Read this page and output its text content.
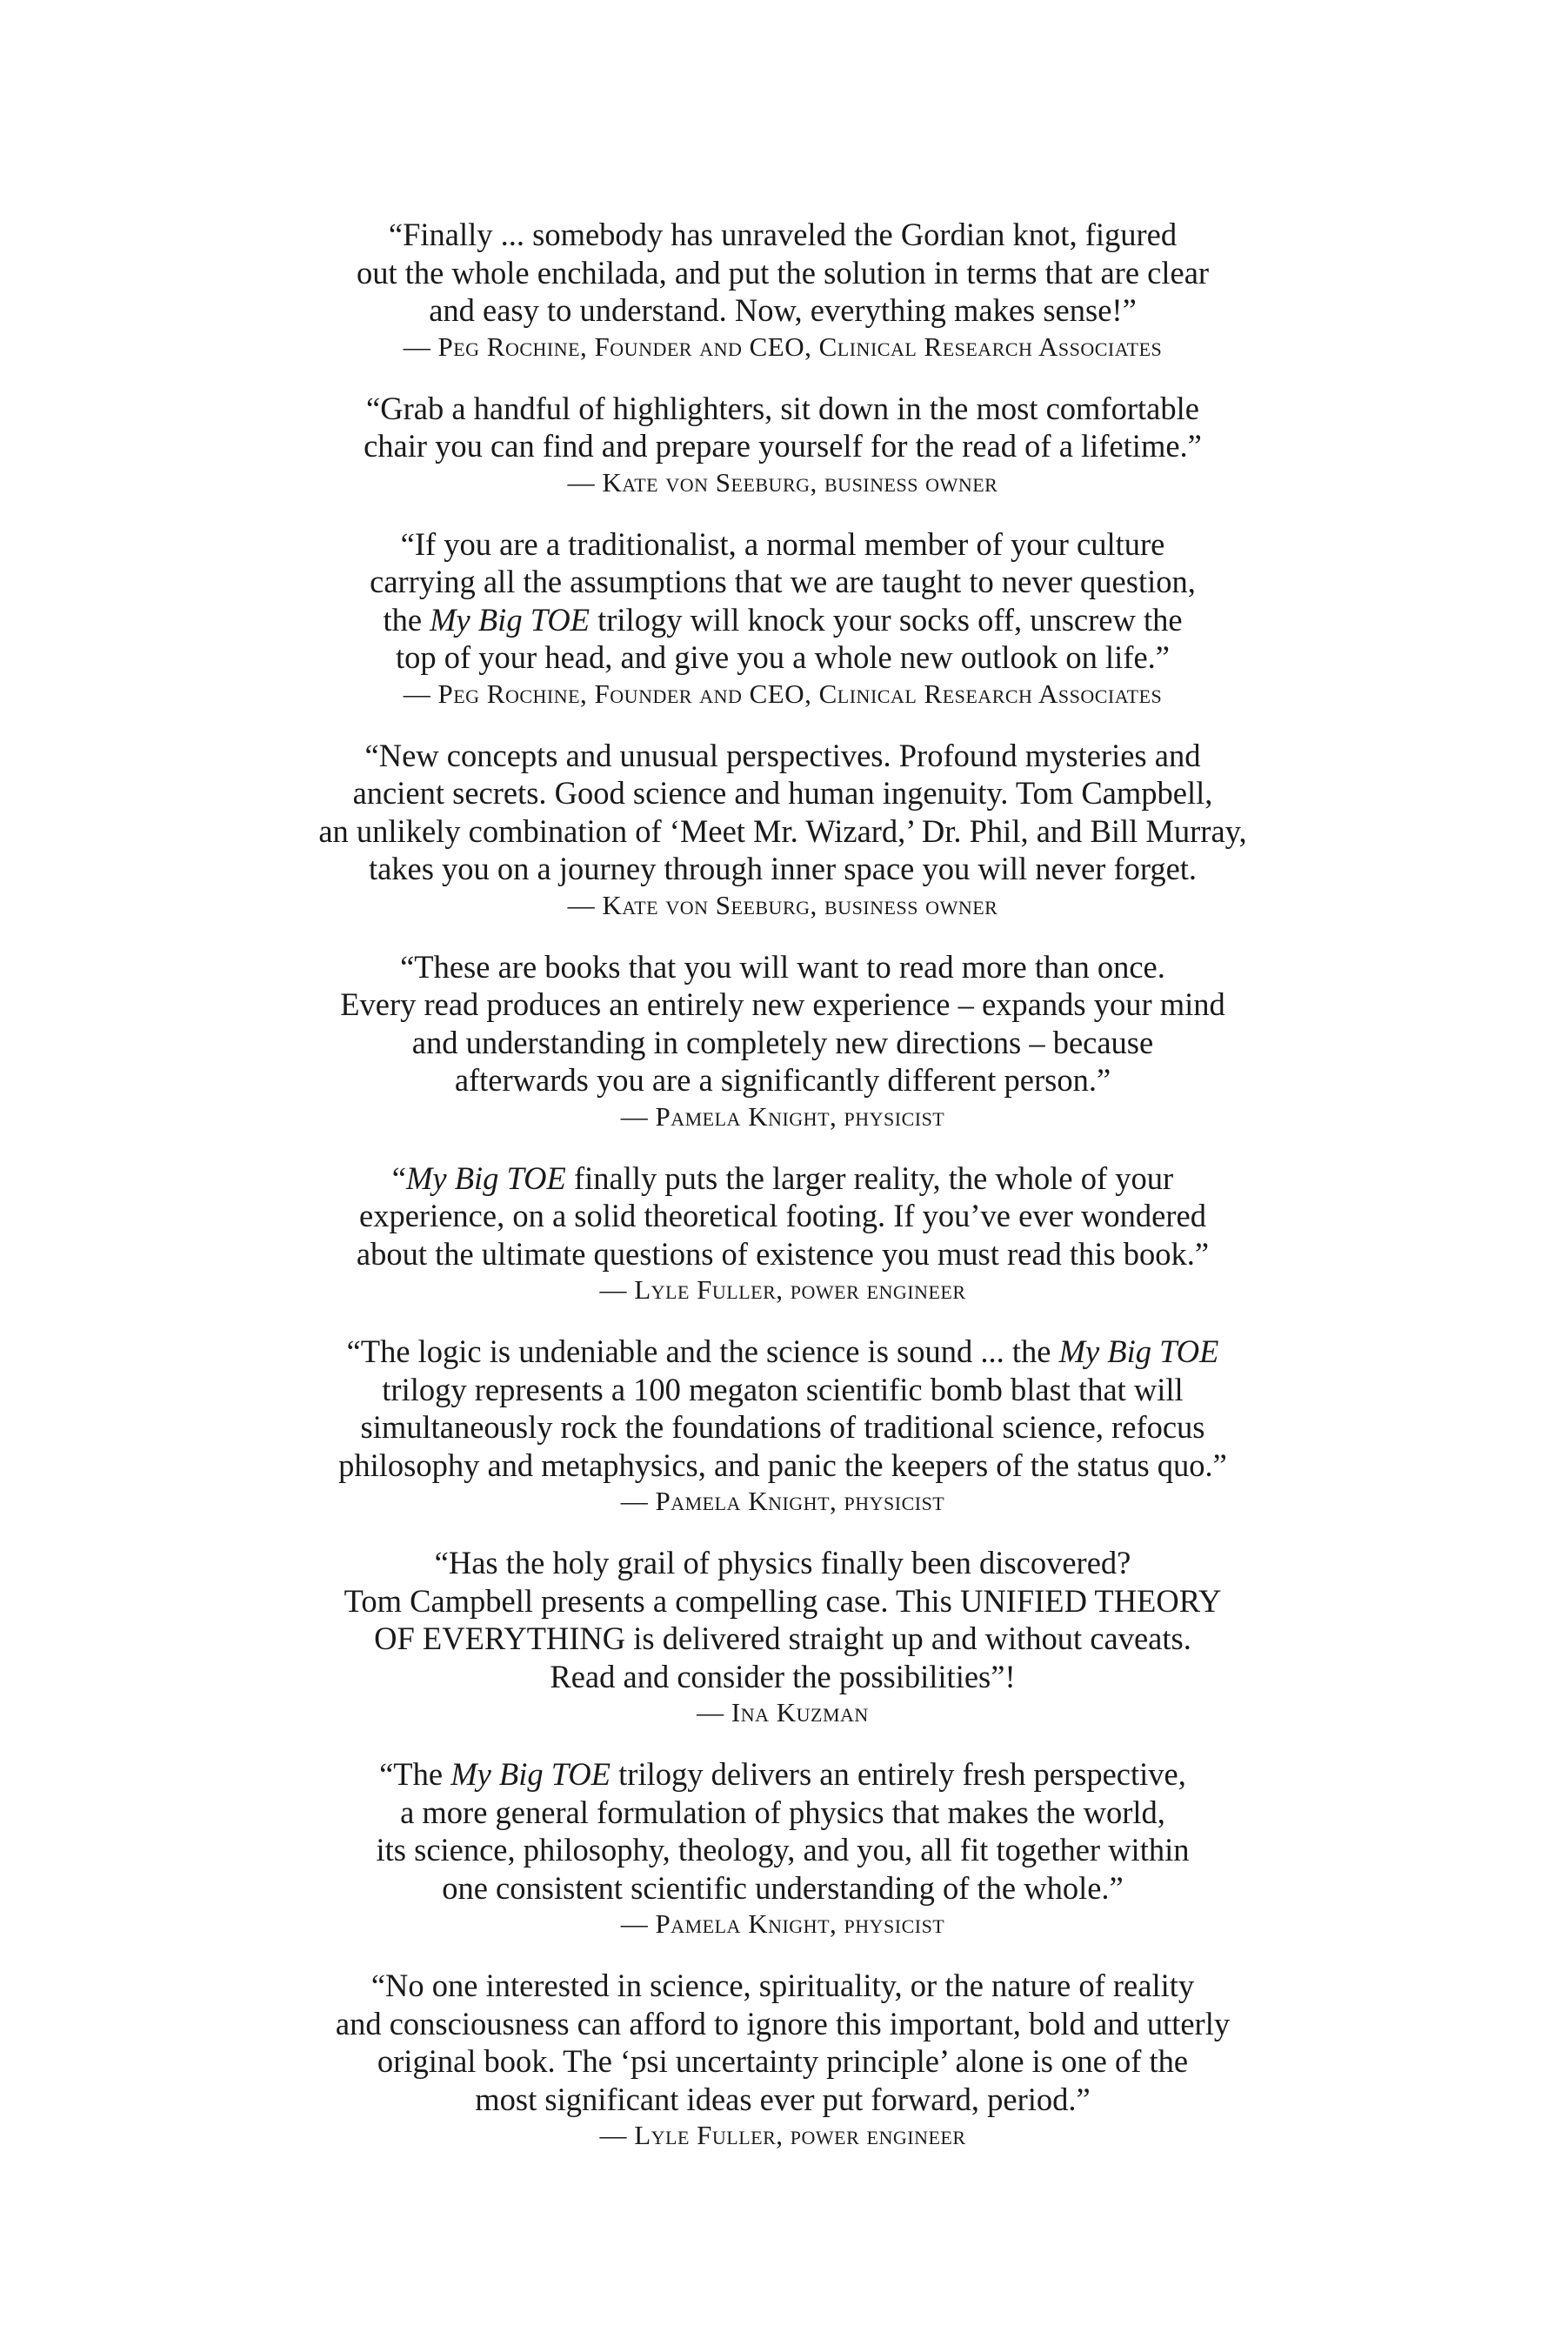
“Finally ... somebody has unraveled the Gordian knot, figured
out the whole enchilada, and put the solution in terms that are clear
and easy to understand. Now, everything makes sense!”
— Peg Rochine, Founder and CEO, Clinical Research Associates
“Grab a handful of highlighters, sit down in the most comfortable
chair you can find and prepare yourself for the read of a lifetime.”
— Kate von Seeburg, business owner
“If you are a traditionalist, a normal member of your culture
carrying all the assumptions that we are taught to never question,
the My Big TOE trilogy will knock your socks off, unscrew the
top of your head, and give you a whole new outlook on life.”
— Peg Rochine, Founder and CEO, Clinical Research Associates
“New concepts and unusual perspectives. Profound mysteries and
ancient secrets. Good science and human ingenuity. Tom Campbell,
an unlikely combination of ‘Meet Mr. Wizard,’ Dr. Phil, and Bill Murray,
takes you on a journey through inner space you will never forget.
— Kate von Seeburg, business owner
“These are books that you will want to read more than once.
Every read produces an entirely new experience – expands your mind
and understanding in completely new directions – because
afterwards you are a significantly different person.”
— Pamela Knight, physicist
“My Big TOE finally puts the larger reality, the whole of your
experience, on a solid theoretical footing. If you’ve ever wondered
about the ultimate questions of existence you must read this book.”
— Lyle Fuller, power engineer
“The logic is undeniable and the science is sound ... the My Big TOE
trilogy represents a 100 megaton scientific bomb blast that will
simultaneously rock the foundations of traditional science, refocus
philosophy and metaphysics, and panic the keepers of the status quo.”
— Pamela Knight, physicist
“Has the holy grail of physics finally been discovered?
Tom Campbell presents a compelling case. This UNIFIED THEORY
OF EVERYTHING is delivered straight up and without caveats.
Read and consider the possibilities”!
— Ina Kuzman
“The My Big TOE trilogy delivers an entirely fresh perspective,
a more general formulation of physics that makes the world,
its science, philosophy, theology, and you, all fit together within
one consistent scientific understanding of the whole.”
— Pamela Knight, physicist
“No one interested in science, spirituality, or the nature of reality
and consciousness can afford to ignore this important, bold and utterly
original book. The ‘psi uncertainty principle’ alone is one of the
most significant ideas ever put forward, period.”
— Lyle Fuller, power engineer
